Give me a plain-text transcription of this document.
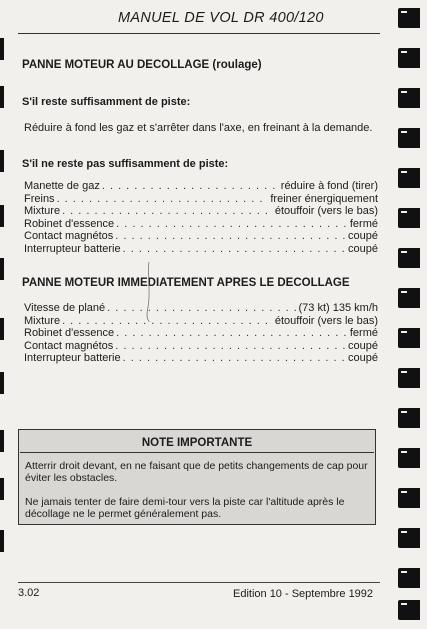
MANUEL DE VOL DR 400/120
PANNE MOTEUR AU DECOLLAGE (roulage)
S'il reste suffisamment de piste:
Réduire à fond les gaz et s'arrêter dans l'axe, en freinant à la demande.
S'il ne reste pas suffisamment de piste:
Manette de gaz . . .	réduire à fond (tirer)
Freins . . .	freiner énergiquement
Mixture . . .	étouffoir (vers le bas)
Robinet d'essence . . .	fermé
Contact magnétos . . .	coupé
Interrupteur batterie . . .	coupé
PANNE MOTEUR IMMEDIATEMENT APRES LE DECOLLAGE
Vitesse de plané . . .	(73 kt) 135 km/h
Mixture . . .	étouffoir (vers le bas)
Robinet d'essence . . .	fermé
Contact magnétos . . .	coupé
Interrupteur batterie . . .	coupé
NOTE IMPORTANTE
Atterrir droit devant, en ne faisant que de petits changements de cap pour éviter les obstacles.
Ne jamais tenter de faire demi-tour vers la piste car l'altitude après le décollage ne le permet généralement pas.
3.02	Edition 10 - Septembre 1992
